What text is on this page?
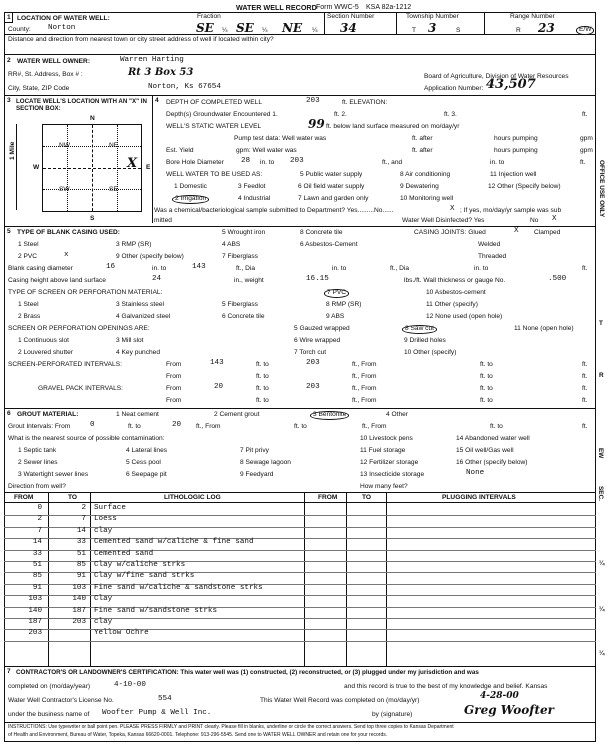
WATER WELL RECORD Form WWC-5 KSA 82a-1212
1 LOCATION OF WATER WELL:
County: Norton
Fraction
SE ¼ SE ¼ NE ¼
Section Number
34
Township Number
T 3	S
Range Number
R 23	E/W
Distance and direction from nearest town or city street address of well if located within city?
2 WATER WELL OWNER:	Warren Harting
RR#, St. Address, Box # :	Rt 3 Box 53
City, State, ZIP Code	Norton, Ks 67654
Board of Agriculture, Division of Water Resources
Application Number: 43,507
3 LOCATE WELL'S LOCATION WITH AN "X" IN SECTION BOX:
N
S
W	E
1 Mile	NW	NE
SW	SE
X
4 DEPTH OF COMPLETED WELL	203	ft. ELEVATION:
Depth(s) Groundwater Encountered 1.	ft. 2.	ft. 3.	ft.
WELL'S STATIC WATER LEVEL	99 ft. below land surface measured on mo/day/yr
Pump test data: Well water was	ft. after	hours pumping	gpm
Est. Yield	gpm: Well water was	ft. after	hours pumping	gpm
Bore Hole Diameter 28 in. to 203	ft., and	in. to	ft.
WELL WATER TO BE USED AS:	5 Public water supply	8 Air conditioning	11 Injection well
1 Domestic	3 Feedlot	6 Oil field water supply	9 Dewatering	12 Other (Specify below)
2 Irrigation	4 Industrial	7 Lawn and garden only	10 Monitoring well
Was a chemical/bacteriological sample submitted to Department? Yes.........No......	X ; If yes, mo/day/yr sample was sub
mitted	Water Well Disinfected? Yes	No X
5 TYPE OF BLANK CASING USED:	5 Wrought iron	8 Concrete tile	CASING JOINTS: Glued	X Clamped
1 Steel	3 RMP (SR)	4 ABS	6 Asbestos-Cement	Welded
2 PVC	x	9 Other (specify below)	7 Fiberglass	Threaded
Blank casing diameter	16	in. to	143	ft., Dia	in. to	ft., Dia	in. to	ft.
Casing height above land surface	24	in., weight	16.15	lbs./ft. Wall thickness or gauge No.	.500
TYPE OF SCREEN OR PERFORATION MATERIAL:	7 PVC	10 Asbestos-cement
1 Steel	3 Stainless steel	5 Fiberglass	8 RMP (SR)	11 Other (specify)
2 Brass	4 Galvanized steel	6 Concrete tile	9 ABS	12 None used (open hole)
SCREEN OR PERFORATION OPENINGS ARE:	5 Gauzed wrapped	8 Saw cut	11 None (open hole)
1 Continuous slot	3 Mill slot	6 Wire wrapped	9 Drilled holes
2 Louvered shutter	4 Key punched	7 Torch cut	10 Other (specify)
SCREEN-PERFORATED INTERVALS:	From	143	ft. to	203	ft., From	ft. to	ft.
From	ft. to	ft., From	ft. to	ft.
GRAVEL PACK INTERVALS:	From	20	ft. to	203	ft., From	ft. to	ft.
From	ft. to	ft., From	ft. to	ft.
6 GROUT MATERIAL:	1 Neat cement	2 Cement grout	3 Bentonite	4 Other
Grout Intervals: From	0	ft. to	20 ft., From	ft. to	ft., From	ft. to	ft.
What is the nearest source of possible contamination:	10 Livestock pens	14 Abandoned water well
1 Septic tank	4 Lateral lines	7 Pit privy	11 Fuel storage	15 Oil well/Gas well
2 Sewer lines	5 Cess pool	8 Sewage lagoon	12 Fertilizer storage	16 Other (specify below)
3 Watertight sewer lines	6 Seepage pit	9 Feedyard	13 Insecticide storage	None
Direction from well?	How many feet?
FROM	TO	LITHOLOGIC LOG	FROM	TO	PLUGGING INTERVALS
0	2 Surface
2	7 Loess
7	14 clay
14	33 Cemented sand w/caliche & fine sand
33	51 Cemented sand
51	85 Clay w/caliche strks
85	91 Clay w/fine sand strks
91	103 Fine sand w/caliche & sandstone strks
103	140 Clay
140	187 Fine sand w/sandstone strks
187	203 clay
203	Yellow Ochre
7 CONTRACTOR'S OR LANDOWNER'S CERTIFICATION: This water well was (1) constructed, (2) reconstructed, or (3) plugged under my jurisdiction and was
completed on (mo/day/year)	4-10-00	and this record is true to the best of my knowledge and belief. Kansas
Water Well Contractor's License No.	554	This Water Well Record was completed on (mo/day/yr)	4-28-00
under the business name of Woofter Pump & Well Inc.	by (signature)	Greg Woofter
INSTRUCTIONS: Use typewriter or ball point pen. PLEASE PRESS FIRMLY and PRINT clearly. Please fill in blanks, underline or circle the correct answers. Send top three copies to Kansas Department
of Health and Environment, Bureau of Water, Topeka, Kansas 66620-0001. Telephone: 913-296-5545. Send one to WATER WELL OWNER and retain one for your records.
OFFICE USE ONLY
T
R
EW
SEC.
¼
¼
¼
